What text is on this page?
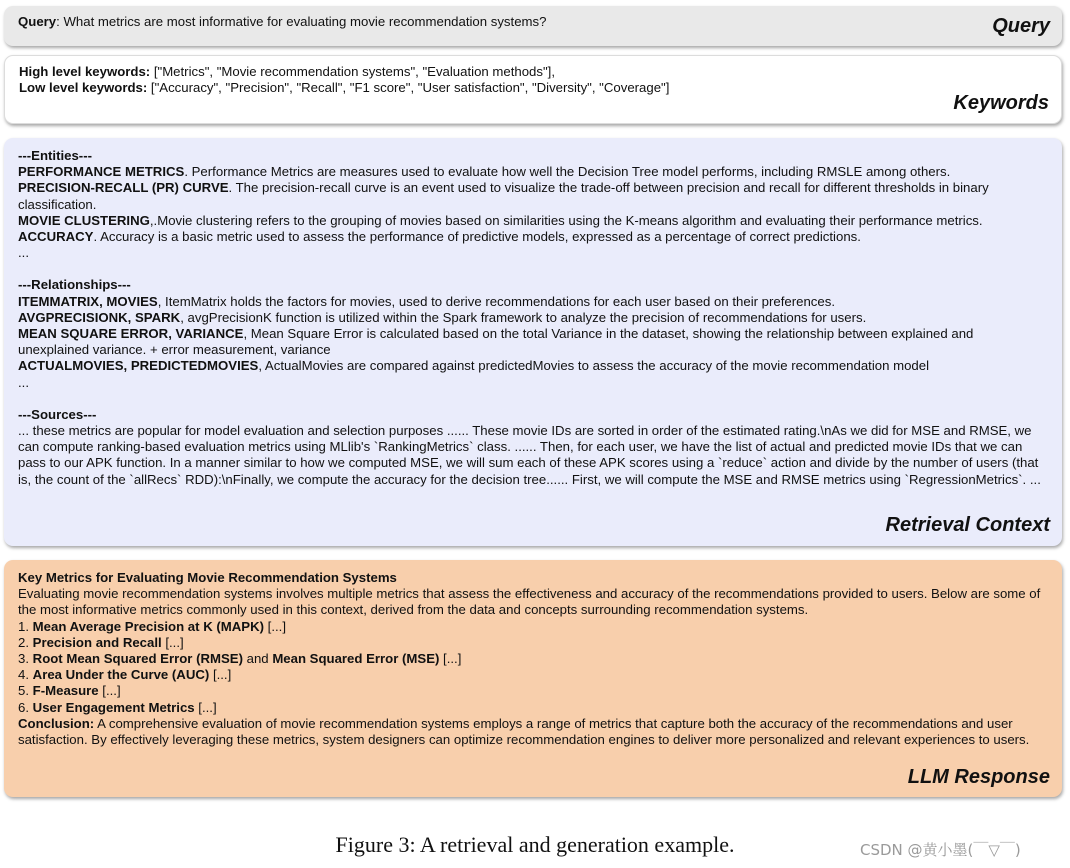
Query: What metrics are most informative for evaluating movie recommendation systems?	Query
High level keywords: ["Metrics", "Movie recommendation systems", "Evaluation methods"],
Low level keywords: ["Accuracy", "Precision", "Recall", "F1 score", "User satisfaction", "Diversity", "Coverage"]
Keywords
---Entities---
PERFORMANCE METRICS. Performance Metrics are measures used to evaluate how well the Decision Tree model performs, including RMSLE among others.
PRECISION-RECALL (PR) CURVE. The precision-recall curve is an event used to visualize the trade-off between precision and recall for different thresholds in binary classification.
MOVIE CLUSTERING,.Movie clustering refers to the grouping of movies based on similarities using the K-means algorithm and evaluating their performance metrics.
ACCURACY. Accuracy is a basic metric used to assess the performance of predictive models, expressed as a percentage of correct predictions.
...
---Relationships---
ITEMMATRIX, MOVIES, ItemMatrix holds the factors for movies, used to derive recommendations for each user based on their preferences.
AVGPRECISIONK, SPARK, avgPrecisionK function is utilized within the Spark framework to analyze the precision of recommendations for users.
MEAN SQUARE ERROR, VARIANCE, Mean Square Error is calculated based on the total Variance in the dataset, showing the relationship between explained and unexplained variance. + error measurement, variance
ACTUALMOVIES, PREDICTEDMOVIES, ActualMovies are compared against predictedMovies to assess the accuracy of the movie recommendation model
...
---Sources---
... these metrics are popular for model evaluation and selection purposes ...... These movie IDs are sorted in order of the estimated rating.\nAs we did for MSE and RMSE, we can compute ranking-based evaluation metrics using MLlib's `RankingMetrics` class. ...... Then, for each user, we have the list of actual and predicted movie IDs that we can pass to our APK function. In a manner similar to how we computed MSE, we will sum each of these APK scores using a `reduce` action and divide by the number of users (that is, the count of the `allRecs` RDD):\nFinally, we compute the accuracy for the decision tree...... First, we will compute the MSE and RMSE metrics using `RegressionMetrics`. ...
Retrieval Context
Key Metrics for Evaluating Movie Recommendation Systems
Evaluating movie recommendation systems involves multiple metrics that assess the effectiveness and accuracy of the recommendations provided to users. Below are some of the most informative metrics commonly used in this context, derived from the data and concepts surrounding recommendation systems.
1. Mean Average Precision at K (MAPK) [...]
2. Precision and Recall [...]
3. Root Mean Squared Error (RMSE) and Mean Squared Error (MSE) [...]
4. Area Under the Curve (AUC) [...]
5. F-Measure [...]
6. User Engagement Metrics [...]
Conclusion: A comprehensive evaluation of movie recommendation systems employs a range of metrics that capture both the accuracy of the recommendations and user satisfaction. By effectively leveraging these metrics, system designers can optimize recommendation engines to deliver more personalized and relevant experiences to users.
LLM Response
Figure 3: A retrieval and generation example.	CSDN @黄小墨(￣▽￣)
